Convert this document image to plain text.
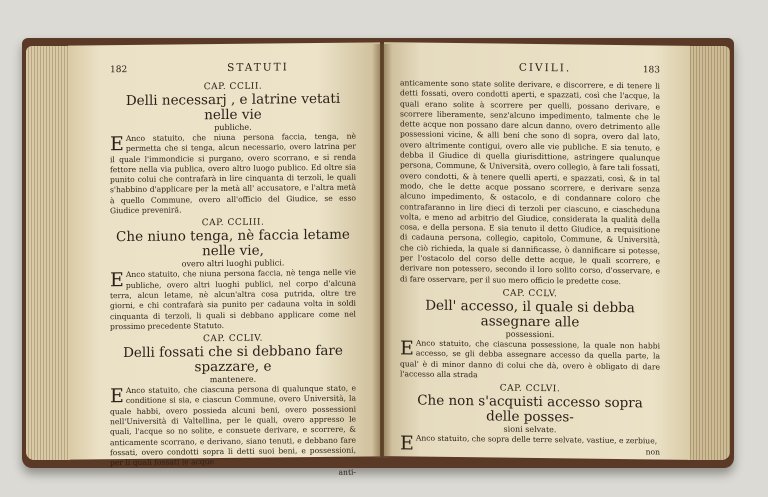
182	STATUTI
CAP. CCLII.
Delli necessarj , e latrine vetati nelle vie
publiche.

E Anco statuito, che niuna persona faccia, tenga, nè permetta che si tenga, alcun necessario, overo latrina per il quale l'immondicie si purgano, overo scorrano, e si renda fettore nella via publica, overo altro luogo publico. Ed oltre sia punito colui che contrafarà in lire cinquanta di terzoli, le quali s'habbino d'applicare per la metà all' accusatore, e l'altra metà à quello Commune, overo all'officio del Giudice, se esso Giudice preveniră.

CAP. CCLIII.
Che niuno tenga, nè faccia letame nelle vie,
overo altri luoghi publici.

E Anco statuito, che niuna persona faccia, nè tenga nelle vie publiche, overo altri luoghi publici, nel corpo d'alcuna terra, alcun letame, nè alcun'altra cosa putrida, oltre tre giorni, e chi contrafarà sia punito per cadauna volta in soldi cinquanta di terzoli, li quali si debbano applicare come nel prossimo precedente Statuto.

CAP. CCLIV.
Delli fossati che si debbano fare spazzare, e
mantenere.

E Anco statuito, che ciascuna persona di qualunque stato, e conditione si sia, e ciascun Commune, overo Università, la quale habbi, overo possieda alcuni beni, overo possessioni nell'Università di Valtellina, per le quali, overo appresso le quali, l'acque so no solite, e consuete derivare, e scorrere, & anticamente scorrano, e derivano, siano tenuti, e debbano fare fossati, overo condotti sopra li detti suoi beni, e possessioni, per li quali fossati le acque

anti-
CIVILI.	183

anticamente sono state solite derivare, e discorrere, e di tenere li detti fossati, overo condotti aperti, e spazzati, così che l'acque, la quali erano solite à scorrere per quelli, possano derivare, e scorrere liberamente, senz'alcuno impedimento, talmente che le dette acque non possano dare alcun danno, overo detrimento alle possessioni vicine, & alli beni che sono di sopra, overo dal lato, overo altrimente contigui, overo alle vie publiche. E sia tenuto, e debba il Giudice di quella giurisdittione, astringere qualunque persona, Commune, & Università, overo collegio, à fare tali fossati, overo condotti, & à tenere quelli aperti, e spazzati, così, & in tal modo, che le dette acque possano scorrere, e derivare senza alcuno impedimento, & ostacolo, e di condannare coloro che contrafaranno in lire dieci di terzoli per ciascuno, e ciascheduna volta, e meno ad arbitrio del Giudice, considerata la qualità della cosa, e della persona. E sia tenuto il detto Giudice, a requisitione di cadauna persona, collegio, capitolo, Commune, & Università, che ciò richieda, la quale si dannificasse, ò dannificare si potesse, per l'ostacolo del corso delle dette acque, le quali scorrere, e derivare non potessero, secondo il loro solito corso, d'osservare, e di fare osservare, per il suo mero officio le predette cose.

CAP. CCLV.
Dell' accesso, il quale si debba assegnare alle
possessioni.

E Anco statuito, che ciascuna possessione, la quale non habbi accesso, se gli debba assegnare accesso da quella parte, la qual' è di minor danno di colui che dà, overo è obligato di dare l'accesso alla strada

CAP. CCLVI.
Che non s'acquisti accesso sopra delle posses-
sioni selvate.

E Anco statuito, che sopra delle terre selvate, vastiue, e zerbiue,

non
